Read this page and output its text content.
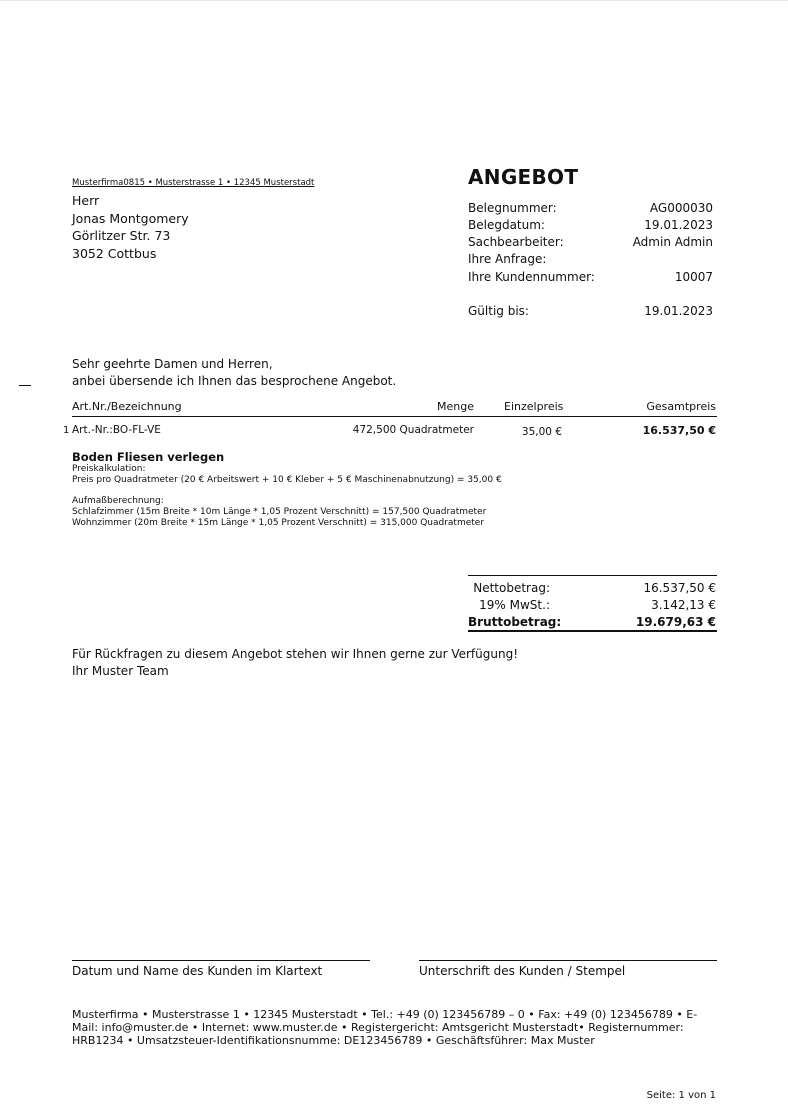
Musterfirma0815 • Musterstrasse 1 • 12345 Musterstadt
Herr
Jonas Montgomery
Görlitzer Str. 73
3052 Cottbus
ANGEBOT
Belegnummer:	AG000030
Belegdatum:	19.01.2023
Sachbearbeiter:	Admin Admin
Ihre Anfrage:
Ihre Kundennummer:	10007
Gültig bis:	19.01.2023
Sehr geehrte Damen und Herren,
anbei übersende ich Ihnen das besprochene Angebot.
Art.Nr./Bezeichnung	Menge	Einzelpreis	Gesamtpreis
1 Art.-Nr.:BO-FL-VE	472,500 Quadratmeter	35,00 €	16.537,50 €
Boden Fliesen verlegen
Preiskalkulation:
Preis pro Quadratmeter (20 € Arbeitswert + 10 € Kleber + 5 € Maschinenabnutzung) = 35,00 €
Aufmaßberechnung:
Schlafzimmer (15m Breite * 10m Länge * 1,05 Prozent Verschnitt) = 157,500 Quadratmeter
Wohnzimmer (20m Breite * 15m Länge * 1,05 Prozent Verschnitt) = 315,000 Quadratmeter
Nettobetrag:	16.537,50 €
19% MwSt.:	3.142,13 €
Bruttobetrag:	19.679,63 €
Für Rückfragen zu diesem Angebot stehen wir Ihnen gerne zur Verfügung!
Ihr Muster Team
Datum und Name des Kunden im Klartext	Unterschrift des Kunden / Stempel
Musterfirma • Musterstrasse 1 • 12345 Musterstadt • Tel.: +49 (0) 123456789 – 0 • Fax: +49 (0) 123456789 • E-Mail: info@muster.de • Internet: www.muster.de • Registergericht: Amtsgericht Musterstadt• Registernummer: HRB1234 • Umsatzsteuer-Identifikationsnumme: DE123456789 • Geschäftsführer: Max Muster
Seite: 1 von 1
